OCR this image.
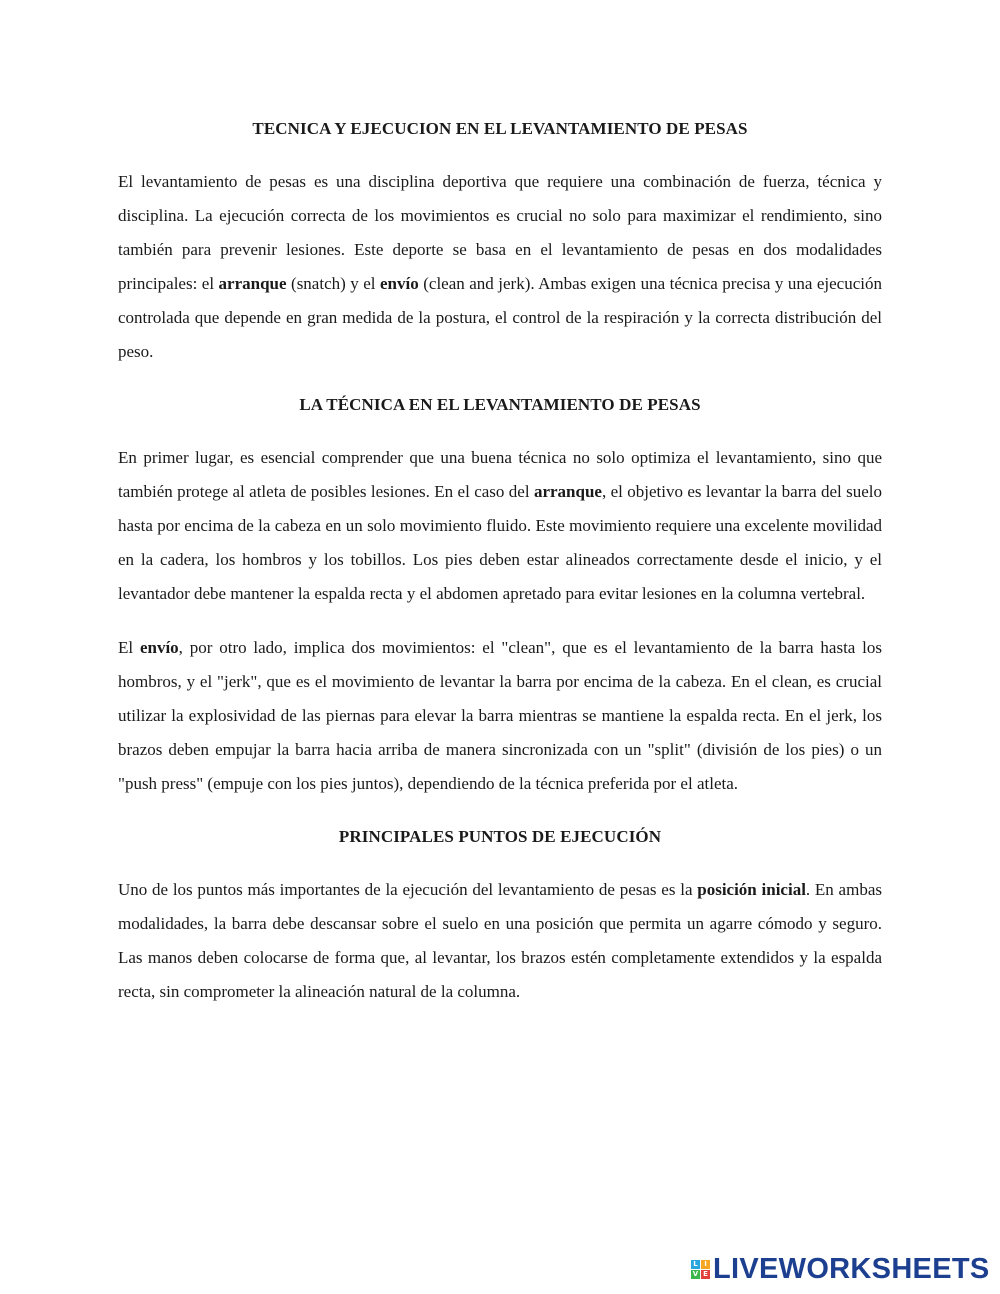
TECNICA Y EJECUCION EN EL LEVANTAMIENTO DE PESAS

El levantamiento de pesas es una disciplina deportiva que requiere una combinación de fuerza, técnica y disciplina. La ejecución correcta de los movimientos es crucial no solo para maximizar el rendimiento, sino también para prevenir lesiones. Este deporte se basa en el levantamiento de pesas en dos modalidades principales: el arranque (snatch) y el envío (clean and jerk). Ambas exigen una técnica precisa y una ejecución controlada que depende en gran medida de la postura, el control de la respiración y la correcta distribución del peso.

LA TÉCNICA EN EL LEVANTAMIENTO DE PESAS

En primer lugar, es esencial comprender que una buena técnica no solo optimiza el levantamiento, sino que también protege al atleta de posibles lesiones. En el caso del arranque, el objetivo es levantar la barra del suelo hasta por encima de la cabeza en un solo movimiento fluido. Este movimiento requiere una excelente movilidad en la cadera, los hombros y los tobillos. Los pies deben estar alineados correctamente desde el inicio, y el levantador debe mantener la espalda recta y el abdomen apretado para evitar lesiones en la columna vertebral.

El envío, por otro lado, implica dos movimientos: el "clean", que es el levantamiento de la barra hasta los hombros, y el "jerk", que es el movimiento de levantar la barra por encima de la cabeza. En el clean, es crucial utilizar la explosividad de las piernas para elevar la barra mientras se mantiene la espalda recta. En el jerk, los brazos deben empujar la barra hacia arriba de manera sincronizada con un "split" (división de los pies) o un "push press" (empuje con los pies juntos), dependiendo de la técnica preferida por el atleta.

PRINCIPALES PUNTOS DE EJECUCIÓN

Uno de los puntos más importantes de la ejecución del levantamiento de pesas es la posición inicial. En ambas modalidades, la barra debe descansar sobre el suelo en una posición que permita un agarre cómodo y seguro. Las manos deben colocarse de forma que, al levantar, los brazos estén completamente extendidos y la espalda recta, sin comprometer la alineación natural de la columna.

L I
V E LIVEWORKSHEETS
